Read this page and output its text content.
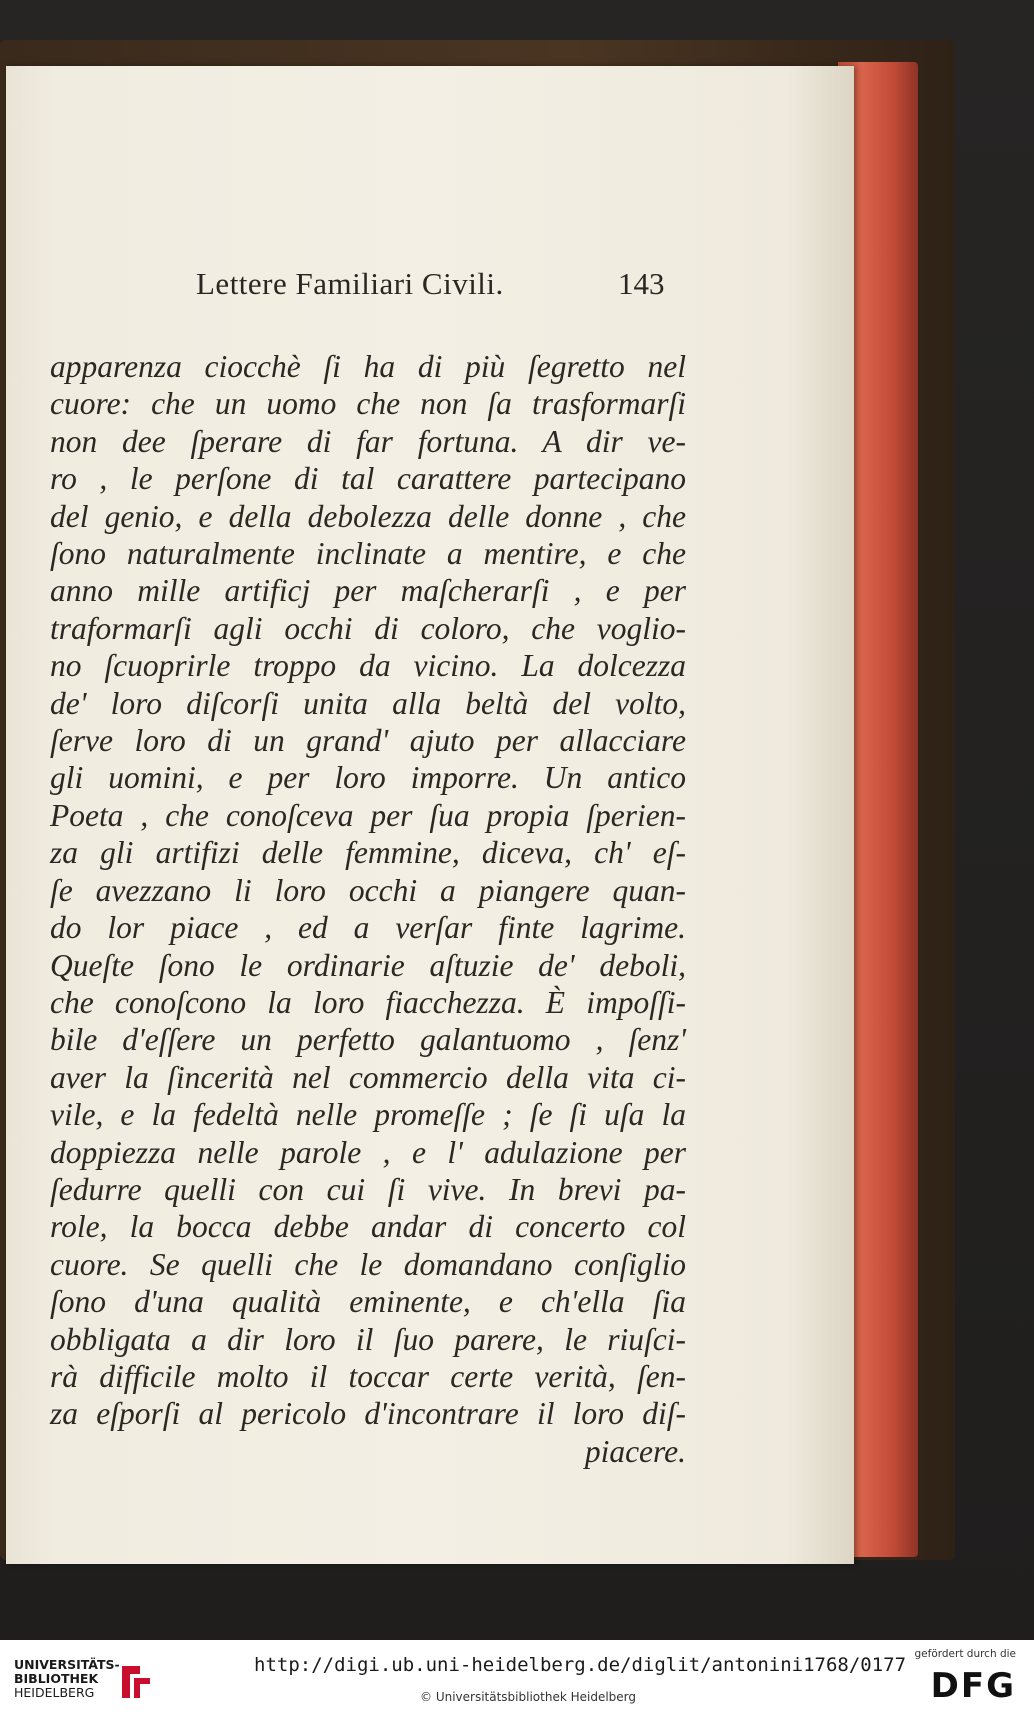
Lettere Familiari Civili.	143
apparenza ciocchè ſi ha di più ſegretto nel
cuore: che un uomo che non ſa trasformarſi
non dee ſperare di far fortuna. A dir ve-
ro , le perſone di tal carattere partecipano
del genio, e della debolezza delle donne , che
ſono naturalmente inclinate a mentire, e che
anno mille artificj per maſcherarſi , e per
traformarſi agli occhi di coloro, che voglio-
no ſcuoprirle troppo da vicino. La dolcezza
de' loro diſcorſi unita alla beltà del volto,
ſerve loro di un grand' ajuto per allacciare
gli uomini, e per loro imporre. Un antico
Poeta , che conoſceva per ſua propia ſperien-
za gli artifizi delle femmine, diceva, ch' eſ-
ſe avezzano li loro occhi a piangere quan-
do lor piace , ed a verſar finte lagrime.
Queſte ſono le ordinarie aſtuzie de' deboli,
che conoſcono la loro fiacchezza. È impoſſi-
bile d'eſſere un perfetto galantuomo , ſenz'
aver la ſincerità nel commercio della vita ci-
vile, e la fedeltà nelle promeſſe ; ſe ſi uſa la
doppiezza nelle parole , e l' adulazione per
ſedurre quelli con cui ſi vive. In brevi pa-
role, la bocca debbe andar di concerto col
cuore. Se quelli che le domandano conſiglio
ſono d'una qualità eminente, e ch'ella ſia
obbligata a dir loro il ſuo parere, le riuſci-
rà difficile molto il toccar certe verità, ſen-
za eſporſi al pericolo d'incontrare il loro diſ-
piacere.
UNIVERSITÄTS-
BIBLIOTHEK
HEIDELBERG
http://digi.ub.uni-heidelberg.de/diglit/antonini1768/0177
© Universitätsbibliothek Heidelberg
gefördert durch die
DFG
